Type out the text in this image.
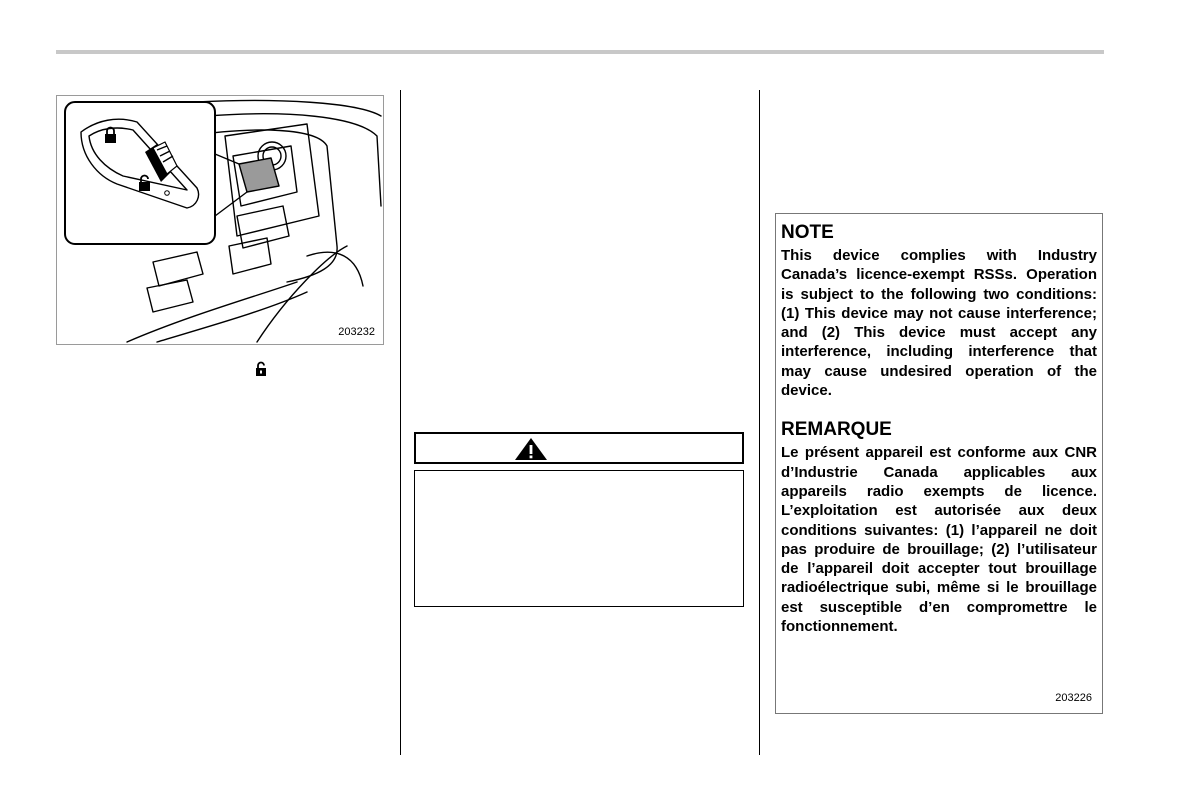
203232

NOTE

This device complies with Industry Canada’s licence-exempt RSSs. Operation is subject to the following two conditions: (1) This device may not cause interference; and (2) This device must accept any interference, including interference that may cause undesired operation of the device.

REMARQUE

Le présent appareil est conforme aux CNR d’Industrie Canada applicables aux appareils radio exempts de licence. L’exploitation est autorisée aux deux conditions suivantes: (1) l’appareil ne doit pas produire de brouillage; (2) l’utilisateur de l’appareil doit accepter tout brouillage radioélectrique subi, même si le brouillage est susceptible d’en compromettre le fonctionnement.

203226
